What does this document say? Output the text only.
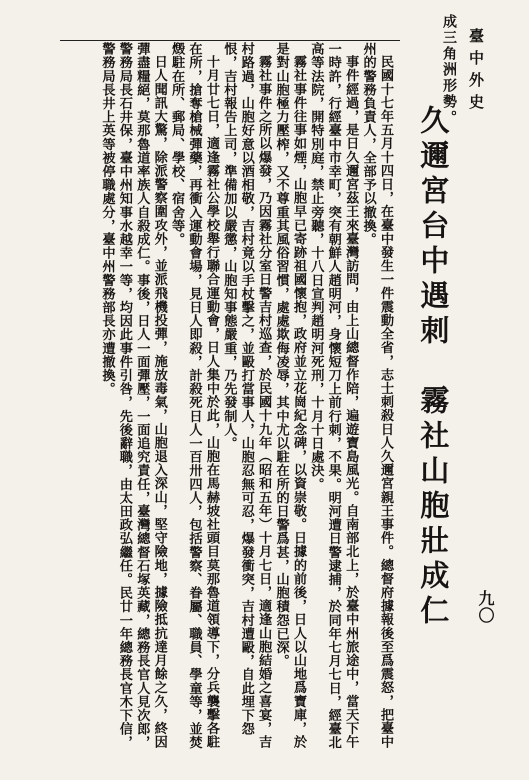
臺中外史
九〇
成三角洲形勢。
久邇宮台中遇刺　霧社山胞壯成仁

民國十七年五月十四日，在臺中發生一件震動全省，志士刺殺日人久邇宮親王事件。總督府據報後至爲震怒，把臺中州的警務負責人，全部予以撤換。

事件經過，是日久邇宮茲王來臺灣訪問，由上山總督作陪，遍遊寶島風光。自南部北上，於臺中州旅途中，當天下午一時許，行經臺中市幸町，突有朝鮮人趙明河，身懷短刀上前行刺，不果。明河遭日警逮捕，於同年七月七日，經臺北高等法院，開特別庭，禁止旁聽，十八日宣判趙明河死刑，十月十日處決。

霧社事件往事如煙，山胞早已寄跡祖國懷抱，政府並立花崗紀念碑，以資崇敬。日據的前後，日人以山地爲寶庫，於是對山胞極力壓榨，又不尊重其風俗習慣，處處欺侮凌辱，其中尤以駐在所的日警爲甚，山胞積怨已深。

霧社事件之所以爆發，乃因霧社分室日警吉村巡查，於民國十九年（昭和五年）十月七日，適逢山胞結婚之喜宴，吉村路過，山胞好意以酒相敬，吉村竟以手杖擊之，並毆打當事人，山胞忍無可忍，爆發衝突，吉村遭毆，自此埋下怨恨，吉村報告上司，準備加以嚴懲，山胞知事態嚴重，乃先發制人。

十月廿七日，適逢霧社公學校舉行聯合運動會，日人集中於此，山胞在馬赫坡社頭目莫那魯道領導下，分兵襲擊各駐在所，搶奪槍械彈藥，再衝入運動會場，見日人即殺，計殺死日人一百卅四人，包括警察、眷屬、職員、學童等，並焚燬駐在所、郵局、學校、宿舍等。

日人聞訊大驚，除派警察圍攻外，並派飛機投彈，施放毒氣，山胞退入深山，堅守險地，據險抵抗達月餘之久，終因彈盡糧絕，莫那魯道率族人自殺成仁。事後，日人一面彈壓，一面追究責任，臺灣總督石塚英藏，總務長官人見次郎，警務局長石井保，臺中州知事水越幸一等，均因此事件引咎，先後辭職，由太田政弘繼任。民廿一年總務長官木下信，警務局長井上英等被停職處分，臺中州警務部長亦遭撤換。
